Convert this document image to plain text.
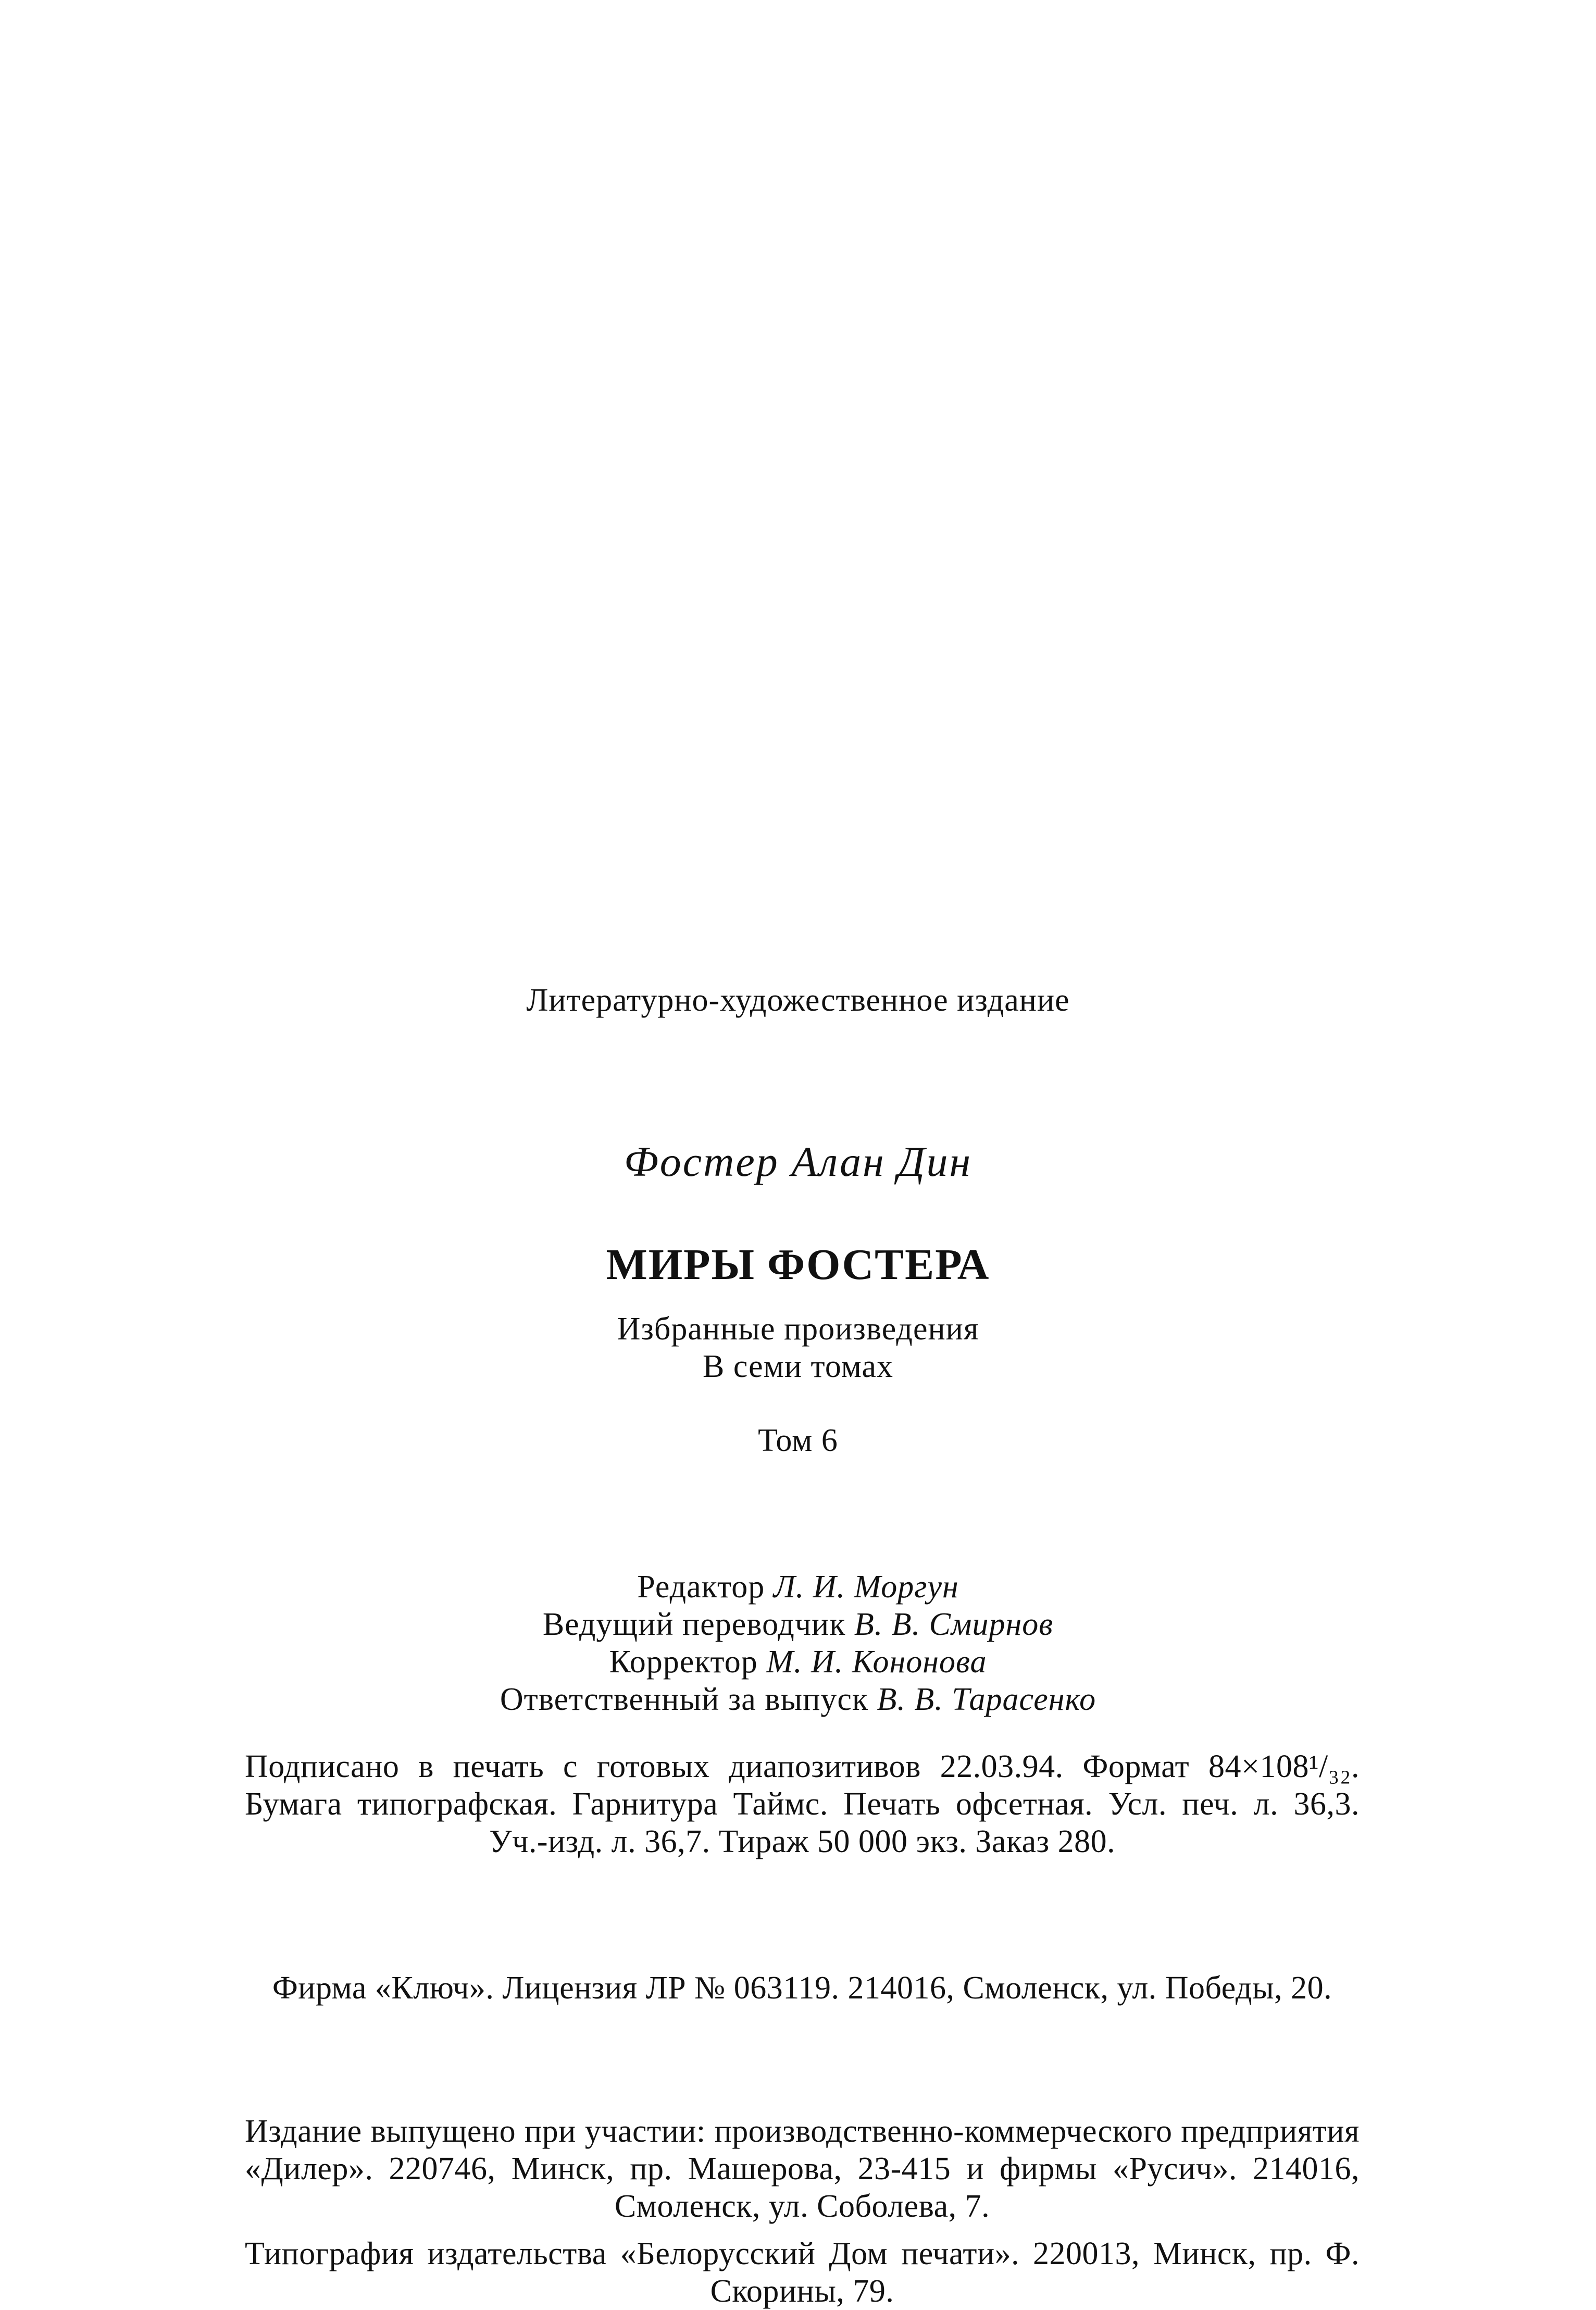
Литературно-художественное издание
Фостер Алан Дин
МИРЫ ФОСТЕРА
Избранные произведения
В семи томах
Том 6
Редактор Л. И. Моргун
Ведущий переводчик В. В. Смирнов
Корректор М. И. Кононова
Ответственный за выпуск В. В. Тарасенко
Подписано в печать с готовых диапозитивов 22.03.94. Формат 84×108¹/₃₂. Бумага типографская. Гарнитура Таймс. Печать офсетная. Усл. печ. л. 36,3. Уч.-изд. л. 36,7. Тираж 50 000 экз. Заказ 280.
Фирма «Ключ». Лицензия ЛР № 063119. 214016, Смоленск, ул. Победы, 20.
Издание выпущено при участии: производственно-коммерческого предприятия «Дилер». 220746, Минск, пр. Машерова, 23-415 и фирмы «Русич». 214016, Смоленск, ул. Соболева, 7.
Типография издательства «Белорусский Дом печати». 220013, Минск, пр. Ф. Скорины, 79.
